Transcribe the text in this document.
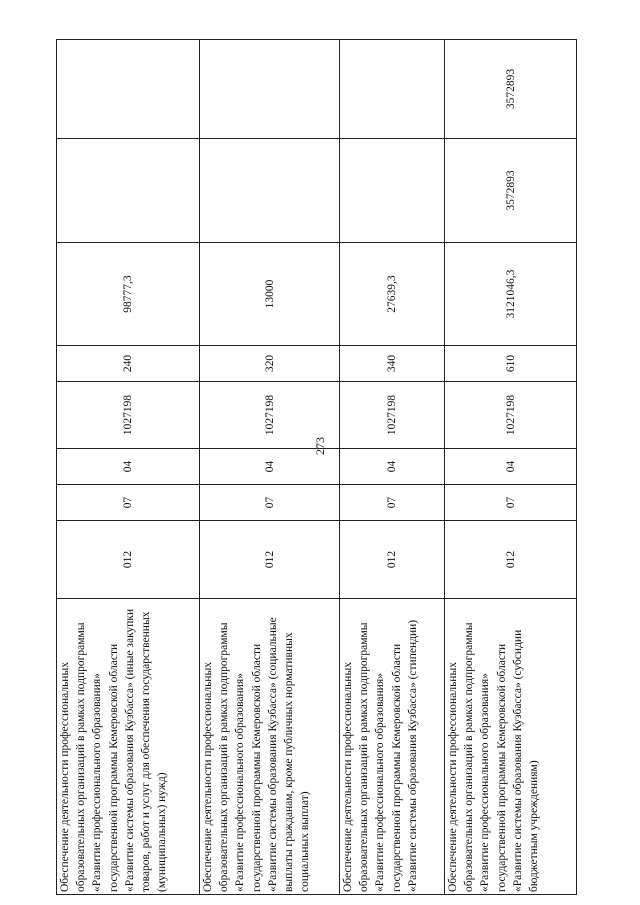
273
Обеспечение деятельности профессиональных образовательных организаций в рамках подпрограммы «Развитие профессионального образования» государственной программы Кемеровской области «Развитие системы образования Кузбасса» (иные закупки товаров, работ и услуг для обеспечения государственных (муниципальных) нужд)	012	07	04	1027198	240	98777,3		
Обеспечение деятельности профессиональных образовательных организаций в рамках подпрограммы «Развитие профессионального образования» государственной программы Кемеровской области «Развитие системы образования Кузбасса» (социальные выплаты гражданам, кроме публичных нормативных социальных выплат)	012	07	04	1027198	320	13000		
Обеспечение деятельности профессиональных образовательных организаций в рамках подпрограммы «Развитие профессионального образования» государственной программы Кемеровской области «Развитие системы образования Кузбасса» (стипендии)	012	07	04	1027198	340	27639,3		
Обеспечение деятельности профессиональных образовательных организаций в рамках подпрограммы «Развитие профессионального образования» государственной программы Кемеровской области «Развитие системы образования Кузбасса» (субсидии бюджетным учреждениям)	012	07	04	1027198	610	3121046,3	3572893	3572893
